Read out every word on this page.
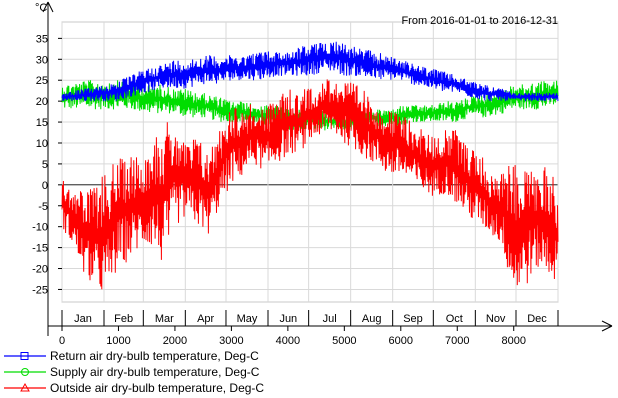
35
30
25
20
15
10
5
0
-5
-10
-15
-20
-25
0	1000	2000	3000	4000	5000	6000	7000	8000
Jan Feb Mar Apr May Jun Jul Aug Sep Oct Nov Dec
°C
From 2016-01-01 to 2016-12-31
Return air dry-bulb temperature, Deg-C
Supply air dry-bulb temperature, Deg-C
Outside air dry-bulb temperature, Deg-C
